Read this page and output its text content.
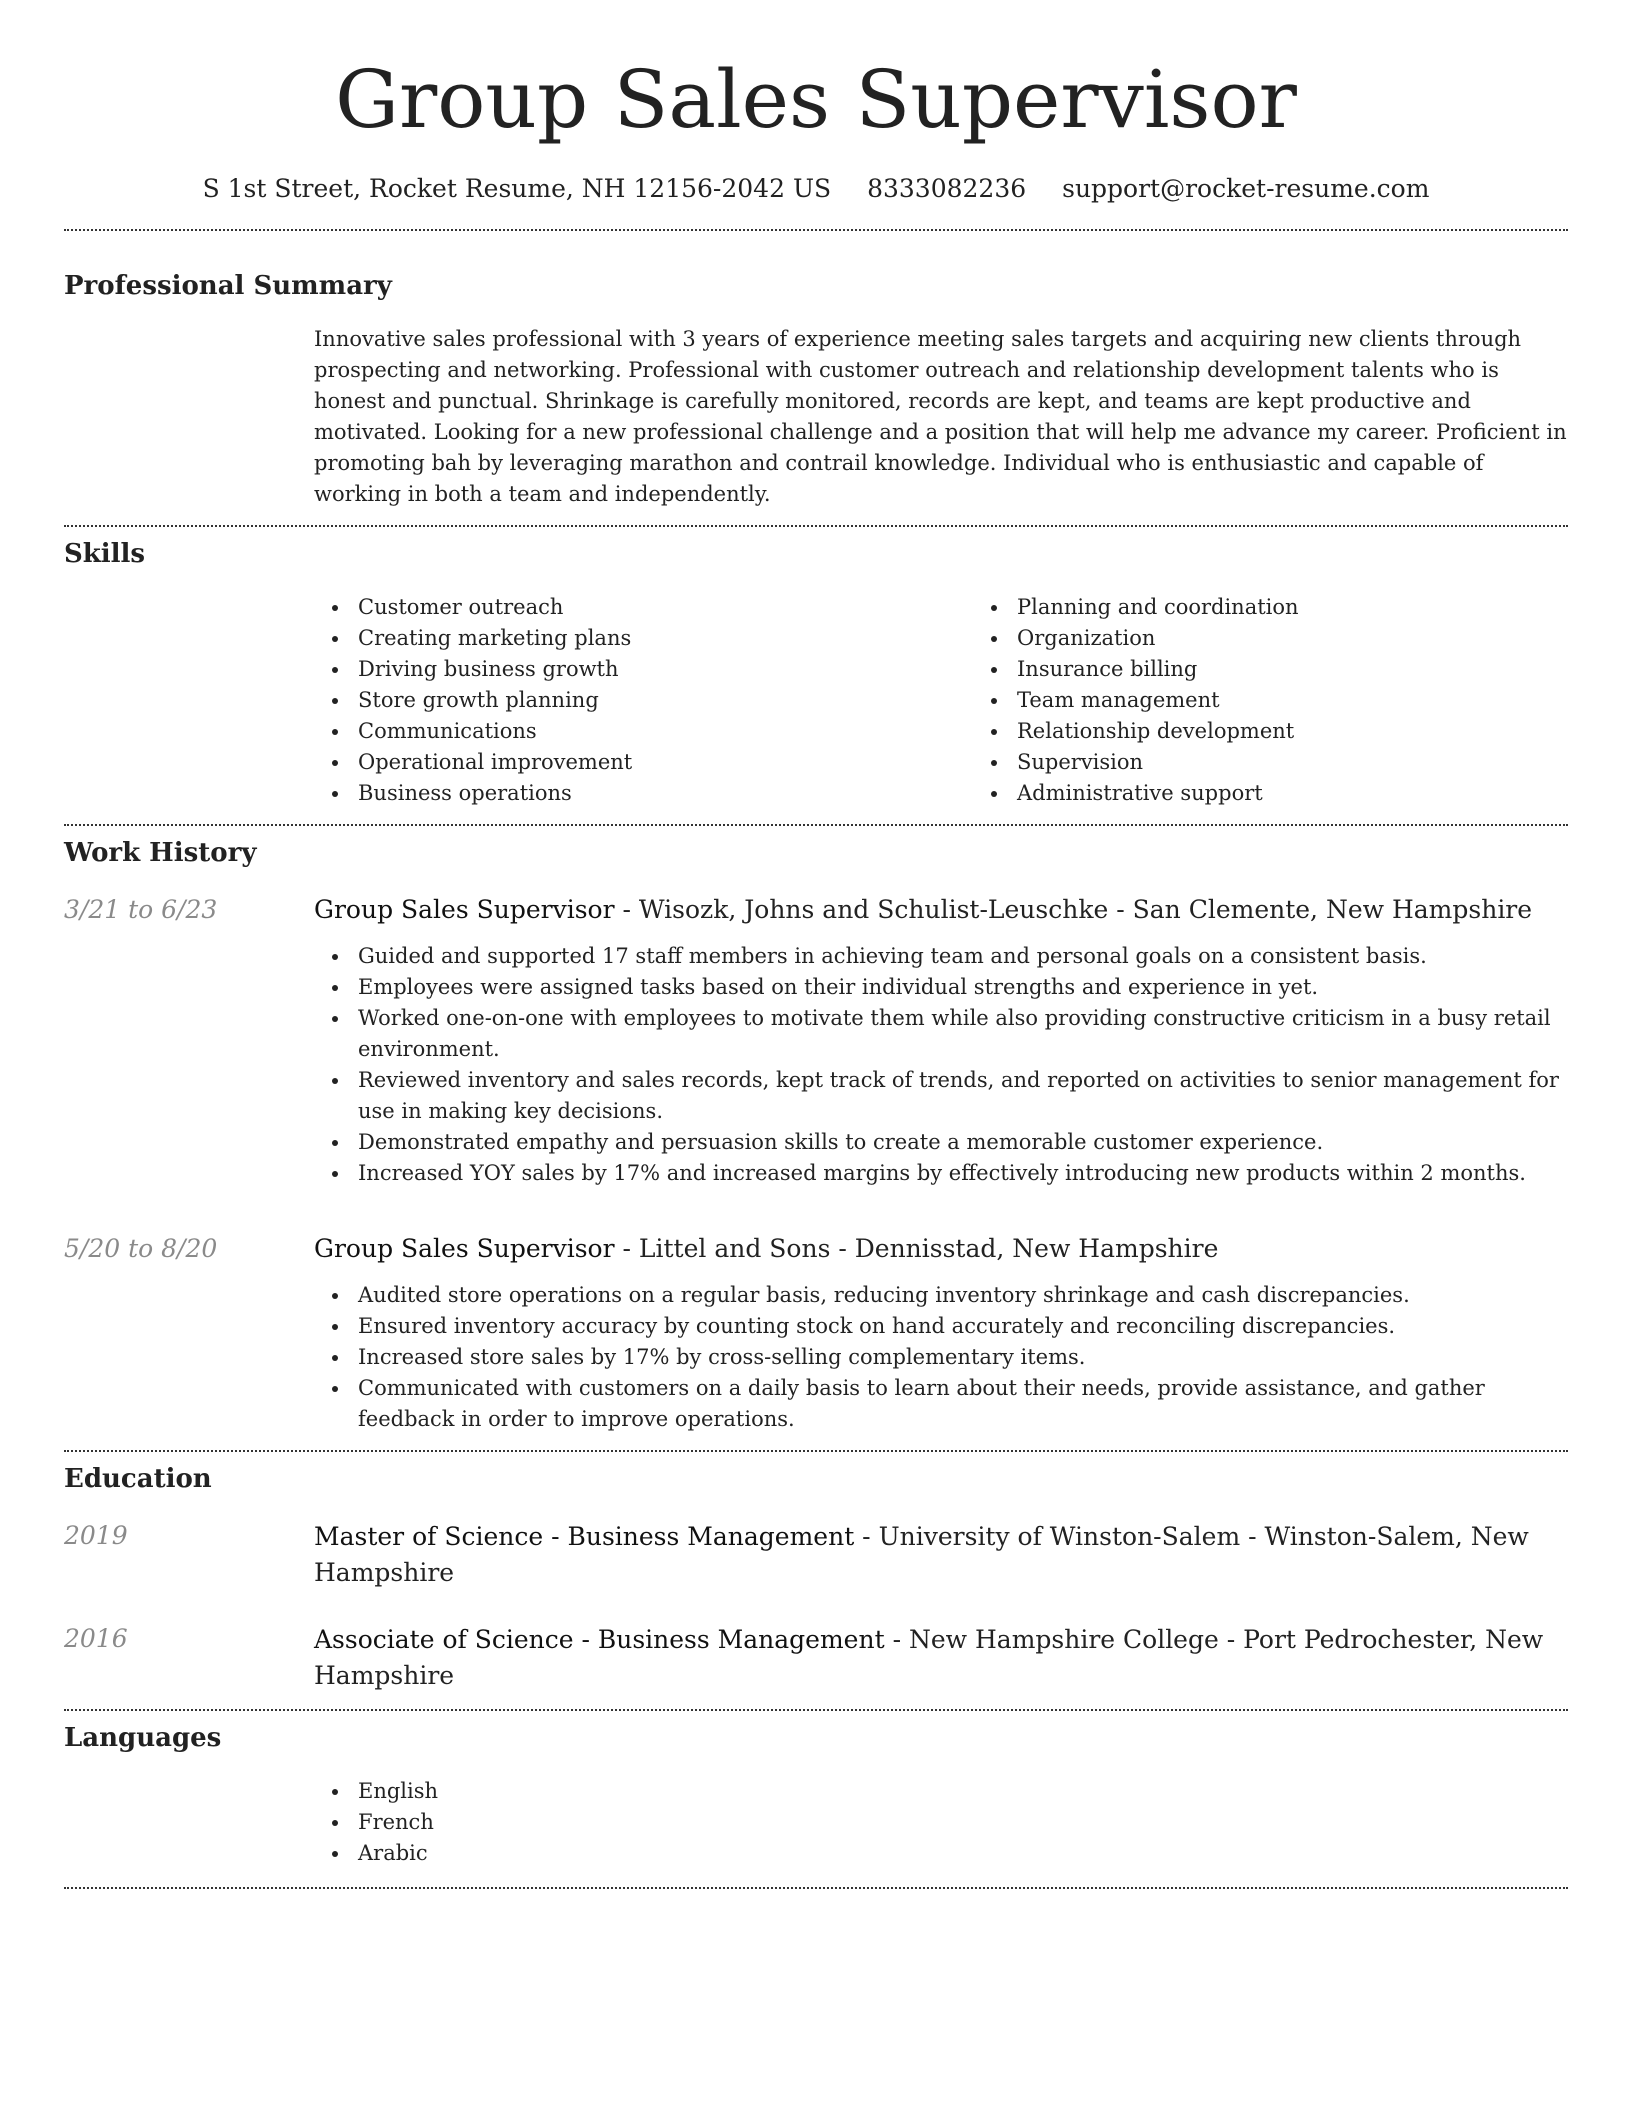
Group Sales Supervisor
S 1st Street, Rocket Resume, NH 12156-2042 US 8333082236 support@rocket-resume.com
Professional Summary

Innovative sales professional with 3 years of experience meeting sales targets and acquiring new clients through prospecting and networking. Professional with customer outreach and relationship development talents who is honest and punctual. Shrinkage is carefully monitored, records are kept, and teams are kept productive and motivated. Looking for a new professional challenge and a position that will help me advance my career. Proficient in promoting bah by leveraging marathon and contrail knowledge. Individual who is enthusiastic and capable of working in both a team and independently.

Skills
Customer outreach
Creating marketing plans
Driving business growth
Store growth planning
Communications
Operational improvement
Business operations
Planning and coordination
Organization
Insurance billing
Team management
Relationship development
Supervision
Administrative support
Work History
3/21 to 6/23	Group Sales Supervisor - Wisozk, Johns and Schulist-Leuschke - San Clemente, New Hampshire

Guided and supported 17 staff members in achieving team and personal goals on a consistent basis.
Employees were assigned tasks based on their individual strengths and experience in yet.
Worked one-on-one with employees to motivate them while also providing constructive criticism in a busy retail environment.
Reviewed inventory and sales records, kept track of trends, and reported on activities to senior management for use in making key decisions.
Demonstrated empathy and persuasion skills to create a memorable customer experience.
Increased YOY sales by 17% and increased margins by effectively introducing new products within 2 months.
5/20 to 8/20	Group Sales Supervisor - Littel and Sons - Dennisstad, New Hampshire

Audited store operations on a regular basis, reducing inventory shrinkage and cash discrepancies.
Ensured inventory accuracy by counting stock on hand accurately and reconciling discrepancies.
Increased store sales by 17% by cross-selling complementary items.
Communicated with customers on a daily basis to learn about their needs, provide assistance, and gather feedback in order to improve operations.
Education
2019	Master of Science - Business Management - University of Winston-Salem - Winston-Salem, New Hampshire

2016	Associate of Science - Business Management - New Hampshire College - Port Pedrochester, New Hampshire

Languages
English
French
Arabic
